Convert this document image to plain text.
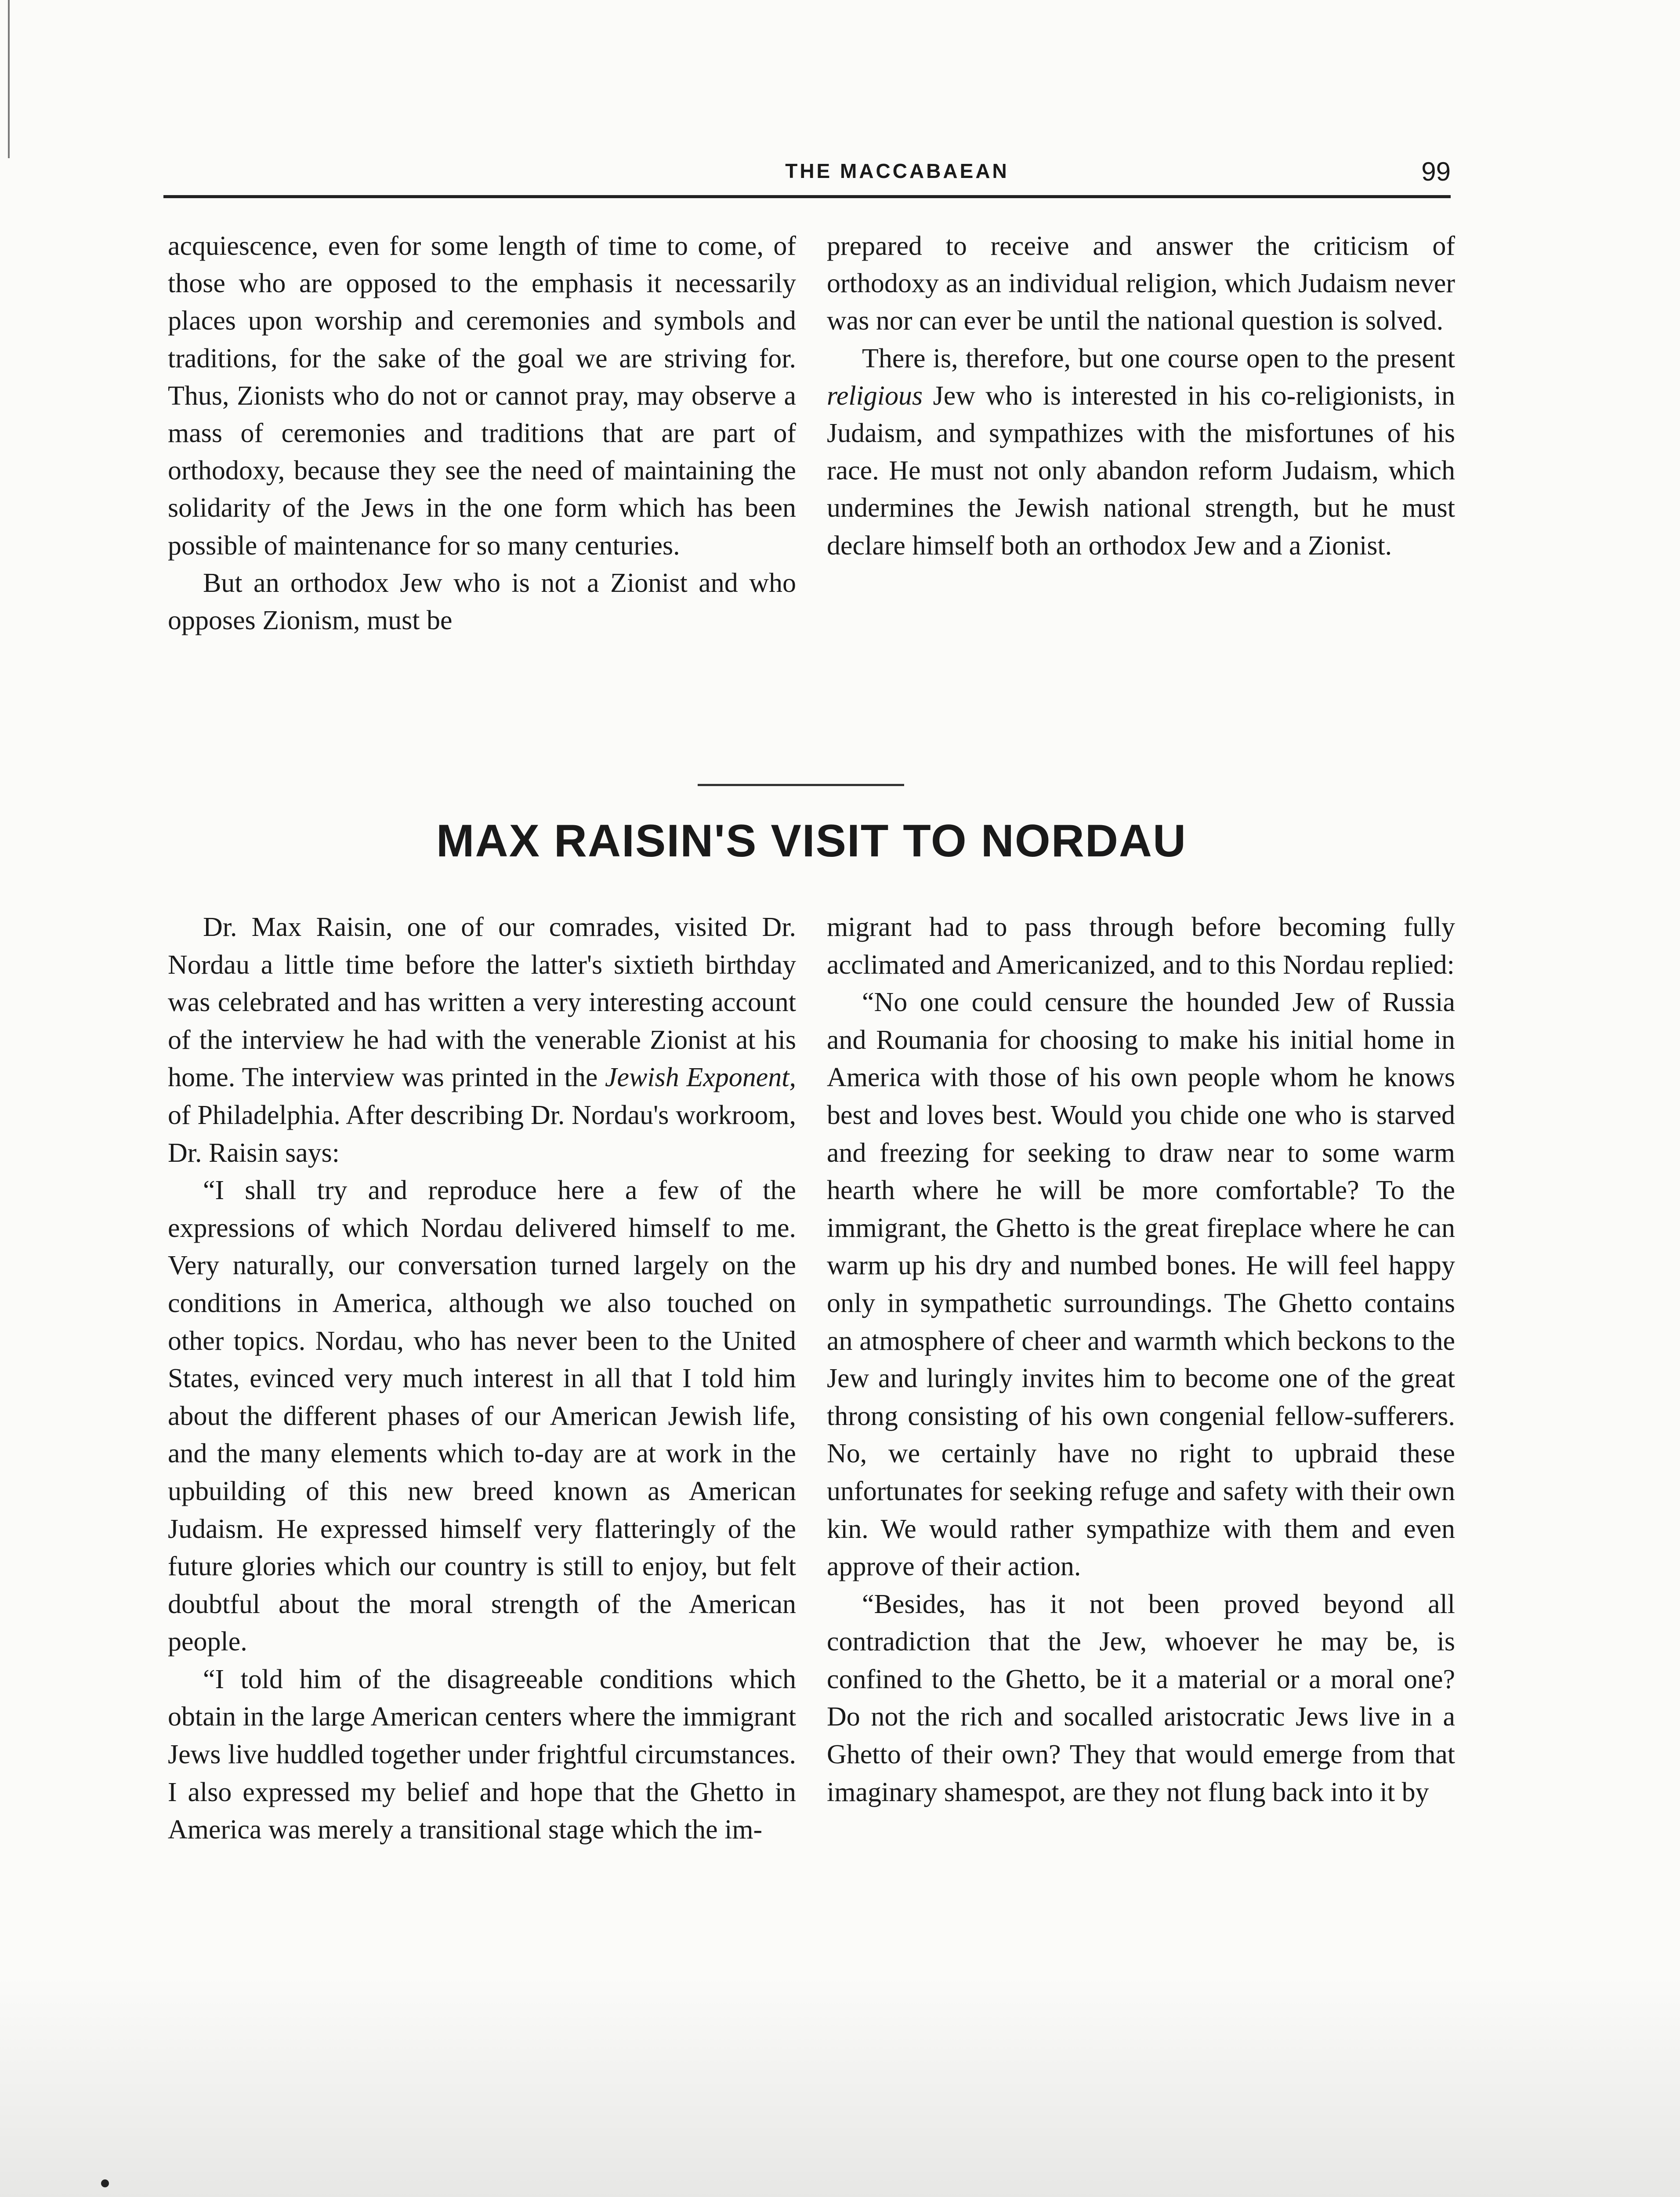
THE MACCABAEAN	99

acquiescence, even for some length of time to come, of those who are opposed to the emphasis it necessarily places upon worship and ceremonies and symbols and traditions, for the sake of the goal we are striving for. Thus, Zionists who do not or cannot pray, may observe a mass of ceremonies and traditions that are part of orthodoxy, because they see the need of maintaining the solidarity of the Jews in the one form which has been possible of maintenance for so many centuries.

But an orthodox Jew who is not a Zionist and who opposes Zionism, must be

prepared to receive and answer the criticism of orthodoxy as an individual religion, which Judaism never was nor can ever be until the national question is solved.

There is, therefore, but one course open to the present religious Jew who is interested in his co-religionists, in Judaism, and sympathizes with the misfortunes of his race. He must not only abandon reform Judaism, which undermines the Jewish national strength, but he must declare himself both an orthodox Jew and a Zionist.

MAX RAISIN'S VISIT TO NORDAU

Dr. Max Raisin, one of our comrades, visited Dr. Nordau a little time before the latter's sixtieth birthday was celebrated and has written a very interesting account of the interview he had with the venerable Zionist at his home. The interview was printed in the Jewish Exponent, of Philadelphia. After describing Dr. Nordau's workroom, Dr. Raisin says:

“I shall try and reproduce here a few of the expressions of which Nordau delivered himself to me. Very naturally, our conversation turned largely on the conditions in America, although we also touched on other topics. Nordau, who has never been to the United States, evinced very much interest in all that I told him about the different phases of our American Jewish life, and the many elements which to-day are at work in the upbuilding of this new breed known as American Judaism. He expressed himself very flatteringly of the future glories which our country is still to enjoy, but felt doubtful about the moral strength of the American people.

“I told him of the disagreeable conditions which obtain in the large American centers where the immigrant Jews live huddled together under frightful circumstances. I also expressed my belief and hope that the Ghetto in America was merely a transitional stage which the im-

migrant had to pass through before becoming fully acclimated and Americanized, and to this Nordau replied:

“No one could censure the hounded Jew of Russia and Roumania for choosing to make his initial home in America with those of his own people whom he knows best and loves best. Would you chide one who is starved and freezing for seeking to draw near to some warm hearth where he will be more comfortable? To the immigrant, the Ghetto is the great fireplace where he can warm up his dry and numbed bones. He will feel happy only in sympathetic surroundings. The Ghetto contains an atmosphere of cheer and warmth which beckons to the Jew and luringly invites him to become one of the great throng consisting of his own congenial fellow-sufferers. No, we certainly have no right to upbraid these unfortunates for seeking refuge and safety with their own kin. We would rather sympathize with them and even approve of their action.

“Besides, has it not been proved beyond all contradiction that the Jew, whoever he may be, is confined to the Ghetto, be it a material or a moral one? Do not the rich and socalled aristocratic Jews live in a Ghetto of their own? They that would emerge from that imaginary shamespot, are they not flung back into it by
